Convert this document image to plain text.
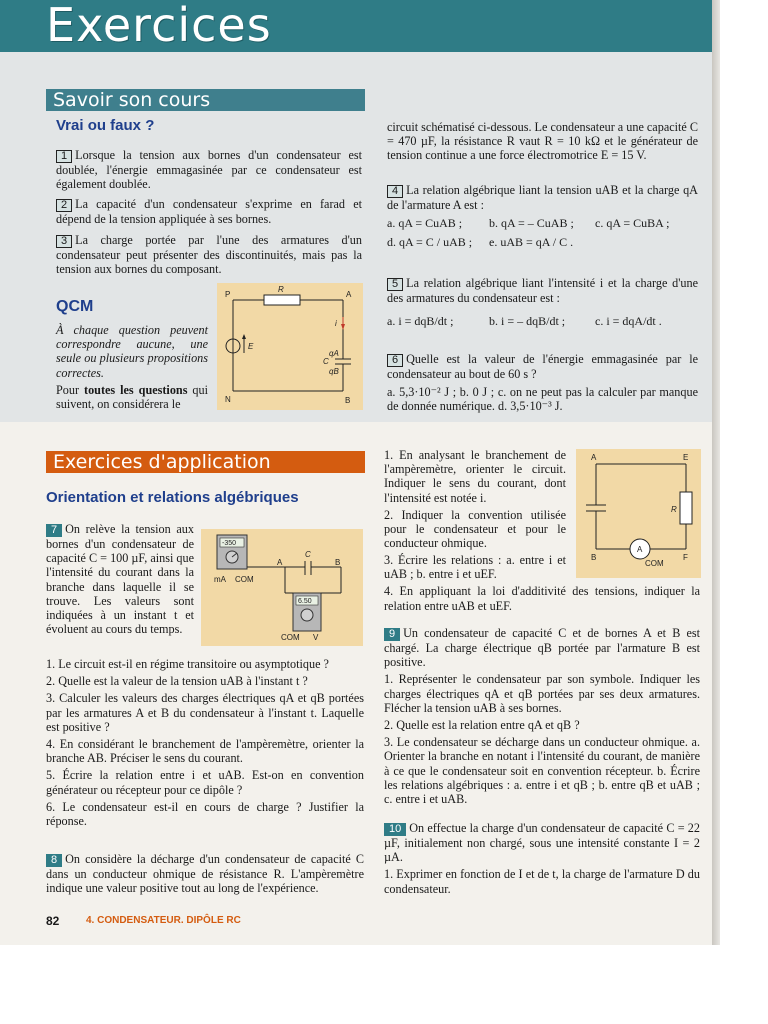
Exercices
Savoir son cours
Vrai ou faux ?

1 Lorsque la tension aux bornes d'un condensateur est doublée, l'énergie emmagasinée par ce condensateur est également doublée.

2 La capacité d'un condensateur s'exprime en farad et dépend de la tension appliquée à ses bornes.

3 La charge portée par l'une des armatures d'un condensateur peut présenter des discontinuités, mais pas la tension aux bornes du composant.

QCM

À chaque question peuvent correspondre aucune, une seule ou plusieurs propositions correctes.

Pour toutes les questions qui suivent, on considérera le

P
R
A
i
E
qA
C
qB
N	B

circuit schématisé ci-dessous. Le condensateur a une capacité C = 470 µF, la résistance R vaut R = 10 kΩ et le générateur de tension continue a une force électromotrice E = 15 V.

4 La relation algébrique liant la tension uAB et la charge qA de l'armature A est :

a. qA = CuAB ; b. qA = – CuAB ; c. qA = CuBA ;
d. qA = C / uAB ; e. uAB = qA / C .

5 La relation algébrique liant l'intensité i et la charge d'une des armatures du condensateur est :

a. i = dqB/dt ;	b. i = – dqB/dt ; c. i = dqA/dt .

6 Quelle est la valeur de l'énergie emmagasinée par le condensateur au bout de 60 s ?

a. 5,3·10⁻² J ; b. 0 J ; c. on ne peut pas la calculer par manque de donnée numérique. d. 3,5·10⁻³ J.

Exercices d'application
Orientation et relations algébriques

7 On relève la tension aux bornes d'un condensateur de capacité C = 100 µF, ainsi que l'intensité du courant dans la branche dans laquelle il se trouve. Les valeurs sont indiquées à un instant t et évoluent au cours du temps.

-350
mA COM
C
A	B
6.50
COM V

1. Le circuit est-il en régime transitoire ou asymptotique ?

2. Quelle est la valeur de la tension uAB à l'instant t ?

3. Calculer les valeurs des charges électriques qA et qB portées par les armatures A et B du condensateur à l'instant t. Laquelle est positive ?

4. En considérant le branchement de l'ampèremètre, orienter la branche AB. Préciser le sens du courant.

5. Écrire la relation entre i et uAB. Est-on en convention générateur ou récepteur pour ce dipôle ?

6. Le condensateur est-il en cours de charge ? Justifier la réponse.

8 On considère la décharge d'un condensateur de capacité C dans un conducteur ohmique de résistance R. L'ampèremètre indique une valeur positive tout au long de l'expérience.

1. En analysant le branchement de l'ampèremètre, orienter le circuit. Indiquer le sens du courant, dont l'intensité est notée i.

2. Indiquer la convention utilisée pour le condensateur et pour le conducteur ohmique.

3. Écrire les relations : a. entre i et uAB ; b. entre i et uEF.

4. En appliquant la loi d'additivité des tensions, indiquer la relation entre uAB et uEF.

A	E
R
B
A
F
COM

9 Un condensateur de capacité C et de bornes A et B est chargé. La charge électrique qB portée par l'armature B est positive.

1. Représenter le condensateur par son symbole. Indiquer les charges électriques qA et qB portées par ses deux armatures. Flécher la tension uAB à ses bornes.

2. Quelle est la relation entre qA et qB ?

3. Le condensateur se décharge dans un conducteur ohmique. a. Orienter la branche en notant i l'intensité du courant, de manière à ce que le condensateur soit en convention récepteur. b. Écrire les relations algébriques : a. entre i et qB ; b. entre qB et uAB ; c. entre i et uAB.

10 On effectue la charge d'un condensateur de capacité C = 22 µF, initialement non chargé, sous une intensité constante I = 2 µA.

1. Exprimer en fonction de I et de t, la charge de l'armature D du condensateur.

82	4. CONDENSATEUR. DIPÔLE RC
